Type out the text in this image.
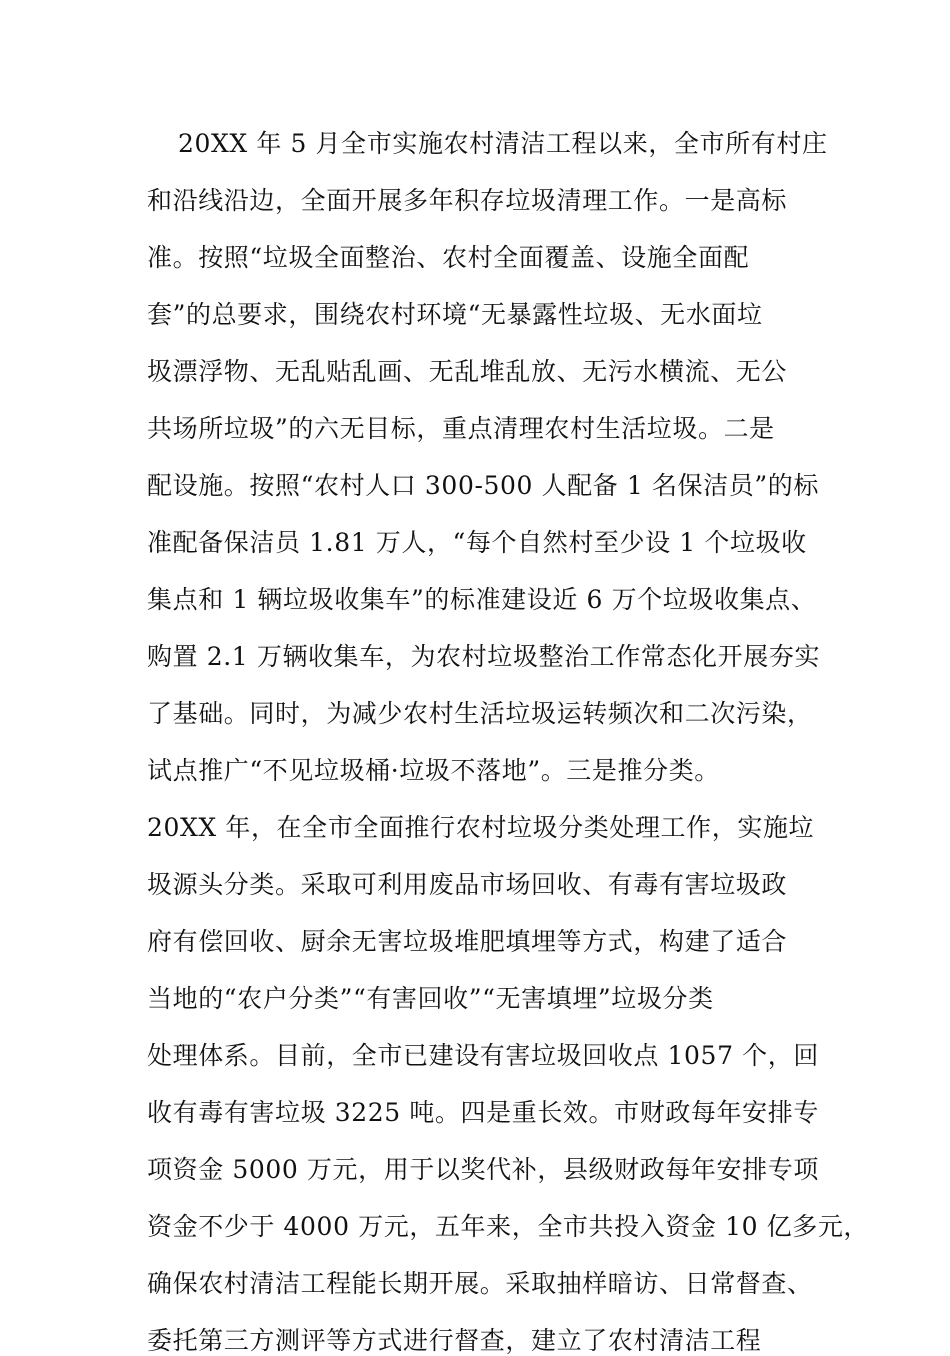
20XX 年 5 月全市实施农村清洁工程以来，全市所有村庄
和沿线沿边，全面开展多年积存垃圾清理工作。一是高标
准。按照“垃圾全面整治、农村全面覆盖、设施全面配
套”的总要求，围绕农村环境“无暴露性垃圾、无水面垃
圾漂浮物、无乱贴乱画、无乱堆乱放、无污水横流、无公
共场所垃圾”的六无目标，重点清理农村生活垃圾。二是
配设施。按照“农村人口 300-500 人配备 1 名保洁员”的标
准配备保洁员 1.81 万人，“每个自然村至少设 1 个垃圾收
集点和 1 辆垃圾收集车”的标准建设近 6 万个垃圾收集点、
购置 2.1 万辆收集车，为农村垃圾整治工作常态化开展夯实
了基础。同时，为减少农村生活垃圾运转频次和二次污染，
试点推广“不见垃圾桶·垃圾不落地”。三是推分类。
20XX 年，在全市全面推行农村垃圾分类处理工作，实施垃
圾源头分类。采取可利用废品市场回收、有毒有害垃圾政
府有偿回收、厨余无害垃圾堆肥填埋等方式，构建了适合
当地的“农户分类”“有害回收”“无害填埋”垃圾分类
处理体系。目前，全市已建设有害垃圾回收点 1057 个，回
收有毒有害垃圾 3225 吨。四是重长效。市财政每年安排专
项资金 5000 万元，用于以奖代补，县级财政每年安排专项
资金不少于 4000 万元，五年来，全市共投入资金 10 亿多元，
确保农村清洁工程能长期开展。采取抽样暗访、日常督查、
委托第三方测评等方式进行督查，建立了农村清洁工程
